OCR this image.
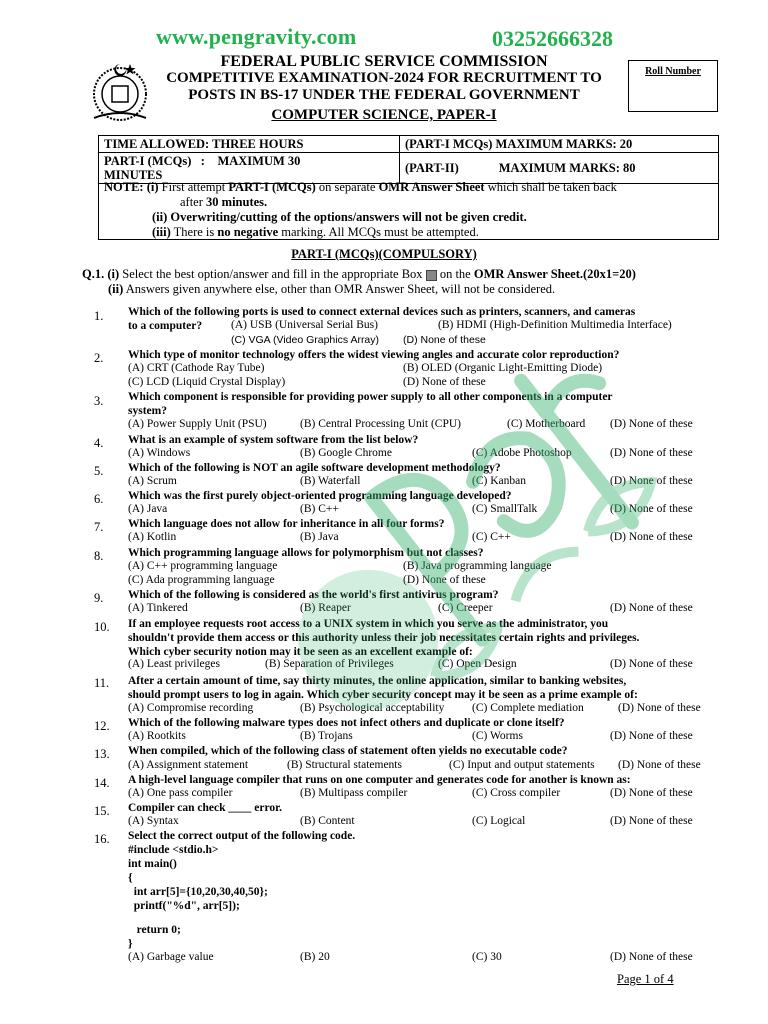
www.pengravity.com	03252666328
FEDERAL PUBLIC SERVICE COMMISSION
COMPETITIVE EXAMINATION-2024 FOR RECRUITMENT TO
POSTS IN BS-17 UNDER THE FEDERAL GOVERNMENT
Roll Number
COMPUTER SCIENCE, PAPER-I
TIME ALLOWED: THREE HOURS	(PART-I MCQs) MAXIMUM MARKS: 20
PART-I (MCQs)   :    MAXIMUM 30
MINUTES	(PART-II) MAXIMUM MARKS: 80
NOTE: (i) First attempt PART-I (MCQs) on separate OMR Answer Sheet which shall be taken back
after 30 minutes.
(ii) Overwriting/cutting of the options/answers will not be given credit.
(iii) There is no negative marking. All MCQs must be attempted.
PART-I (MCQs)(COMPULSORY)
Q.1. (i) Select the best option/answer and fill in the appropriate Box on the OMR Answer Sheet.(20x1=20)
(ii) Answers given anywhere else, other than OMR Answer Sheet, will not be considered.
1. Which of the following ports is used to connect external devices such as printers, scanners, and cameras
to a computer?	(A) USB (Universal Serial Bus)	(B) HDMI (High-Definition Multimedia Interface)
(C) VGA (Video Graphics Array) (D) None of these
2. Which type of monitor technology offers the widest viewing angles and accurate color reproduction?
(A) CRT (Cathode Ray Tube)	(B) OLED (Organic Light-Emitting Diode)
(C) LCD (Liquid Crystal Display)	(D) None of these
3. Which component is responsible for providing power supply to all other components in a computer
system?
(A) Power Supply Unit (PSU)	(B) Central Processing Unit (CPU)	(C) Motherboard (D) None of these
4. What is an example of system software from the list below?
(A) Windows	(B) Google Chrome	(C) Adobe Photoshop	(D) None of these
5. Which of the following is NOT an agile software development methodology?
(A) Scrum	(B) Waterfall	(C) Kanban	(D) None of these
6. Which was the first purely object-oriented programming language developed?
(A) Java	(B) C++	(C) SmallTalk	(D) None of these
7. Which language does not allow for inheritance in all four forms?
(A) Kotlin	(B) Java	(C) C++	(D) None of these
8. Which programming language allows for polymorphism but not classes?
(A) C++ programming language	(B) Java programming language
(C) Ada programming language	(D) None of these
9. Which of the following is considered as the world's first antivirus program?
(A) Tinkered	(B) Reaper	(C) Creeper	(D) None of these
10. If an employee requests root access to a UNIX system in which you serve as the administrator, you
shouldn't provide them access or this authority unless their job necessitates certain rights and privileges.
Which cyber security notion may it be seen as an excellent example of:
(A) Least privileges	(B) Separation of Privileges	(C) Open Design	(D) None of these
11. After a certain amount of time, say thirty minutes, the online application, similar to banking websites,
should prompt users to log in again. Which cyber security concept may it be seen as a prime example of:
(A) Compromise recording	(B) Psychological acceptability (C) Complete mediation	(D) None of these
12. Which of the following malware types does not infect others and duplicate or clone itself?
(A) Rootkits	(B) Trojans	(C) Worms	(D) None of these
13. When compiled, which of the following class of statement often yields no executable code?
(A) Assignment statement	(B) Structural statements	(C) Input and output statements (D) None of these
14. A high-level language compiler that runs on one computer and generates code for another is known as:
(A) One pass compiler	(B) Multipass compiler	(C) Cross compiler	(D) None of these
15. Compiler can check ____ error.
(A) Syntax	(B) Content	(C) Logical	(D) None of these
16. Select the correct output of the following code.
#include <stdio.h>
int main()
{
int arr[5]={10,20,30,40,50};
printf("%d", arr[5]);
return 0;
}
(A) Garbage value	(B) 20	(C) 30	(D) None of these
Page 1 of 4
